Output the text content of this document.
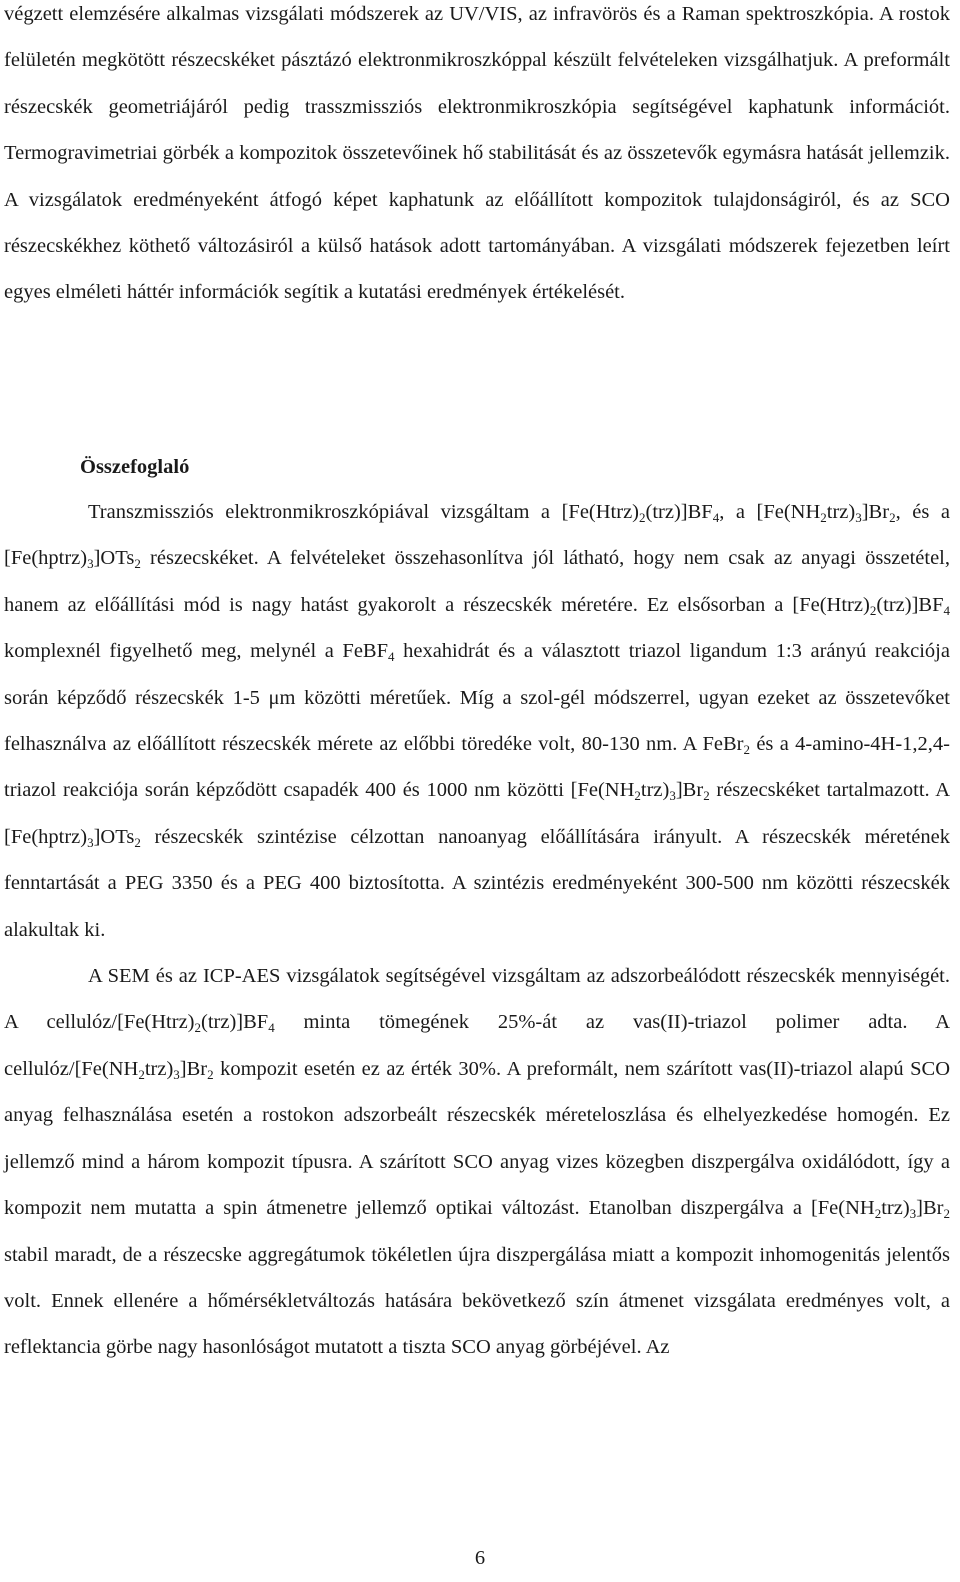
végzett elemzésére alkalmas vizsgálati módszerek az UV/VIS, az infravörös és a Raman spektroszkópia. A rostok felületén megkötött részecskéket pásztázó elektronmikroszkóppal készült felvételeken vizsgálhatjuk. A preformált részecskék geometriájáról pedig trasszmissziós elektronmikroszkópia segítségével kaphatunk információt. Termogravimetriai görbék a kompozitok összetevőinek hő stabilitását és az összetevők egymásra hatását jellemzik. A vizsgálatok eredményeként átfogó képet kaphatunk az előállított kompozitok tulajdonságiról, és az SCO részecskékhez köthető változásiról a külső hatások adott tartományában. A vizsgálati módszerek fejezetben leírt egyes elméleti háttér információk segítik a kutatási eredmények értékelését.

Összefoglaló

Transzmissziós elektronmikroszkópiával vizsgáltam a $[Fe(Htrz)_2(trz)]BF_4$, a $[Fe(NH_2trz)_3]Br_2$, és a $[Fe(hptrz)_3]OTs_2$ részecskéket. A felvételeket összehasonlítva jól látható, hogy nem csak az anyagi összetétel, hanem az előállítási mód is nagy hatást gyakorolt a részecskék méretére. Ez elsősorban a $[Fe(Htrz)_2(trz)]BF_4$ komplexnél figyelhető meg, melynél a FeBF$_4$ hexahidrát és a választott triazol ligandum 1:3 arányú reakciója során képződő részecskék 1-5 μm közötti méretűek. Míg a szol-gél módszerrel, ugyan ezeket az összetevőket felhasználva az előállított részecskék mérete az előbbi töredéke volt, 80-130 nm. A FeBr$_2$ és a 4-amino-4H-1,2,4-triazol reakciója során képződött csapadék 400 és 1000 nm közötti $[Fe(NH_2trz)_3]Br_2$ részecskéket tartalmazott. A $[Fe(hptrz)_3]OTs_2$ részecskék szintézise célzottan nanoanyag előállítására irányult. A részecskék méretének fenntartását a PEG 3350 és a PEG 400 biztosította. A szintézis eredményeként 300-500 nm közötti részecskék alakultak ki.

A SEM és az ICP-AES vizsgálatok segítségével vizsgáltam az adszorbeálódott részecskék mennyiségét. A cellulóz/$[Fe(Htrz)_2(trz)]BF_4$ minta tömegének 25%-át az vas(II)-triazol polimer adta. A cellulóz/$[Fe(NH_2trz)_3]Br_2$ kompozit esetén ez az érték 30%. A preformált, nem szárított vas(II)-triazol alapú SCO anyag felhasználása esetén a rostokon adszorbeált részecskék méreteloszlása és elhelyezkedése homogén. Ez jellemző mind a három kompozit típusra. A szárított SCO anyag vizes közegben diszpergálva oxidálódott, így a kompozit nem mutatta a spin átmenetre jellemző optikai változást. Etanolban diszpergálva a $[Fe(NH_2trz)_3]Br_2$ stabil maradt, de a részecske aggregátumok tökéletlen újra diszpergálása miatt a kompozit inhomogenitás jelentős volt. Ennek ellenére a hőmérsékletváltozás hatására bekövetkező szín átmenet vizsgálata eredményes volt, a reflektancia görbe nagy hasonlóságot mutatott a tiszta SCO anyag görbéjével. Az

6
